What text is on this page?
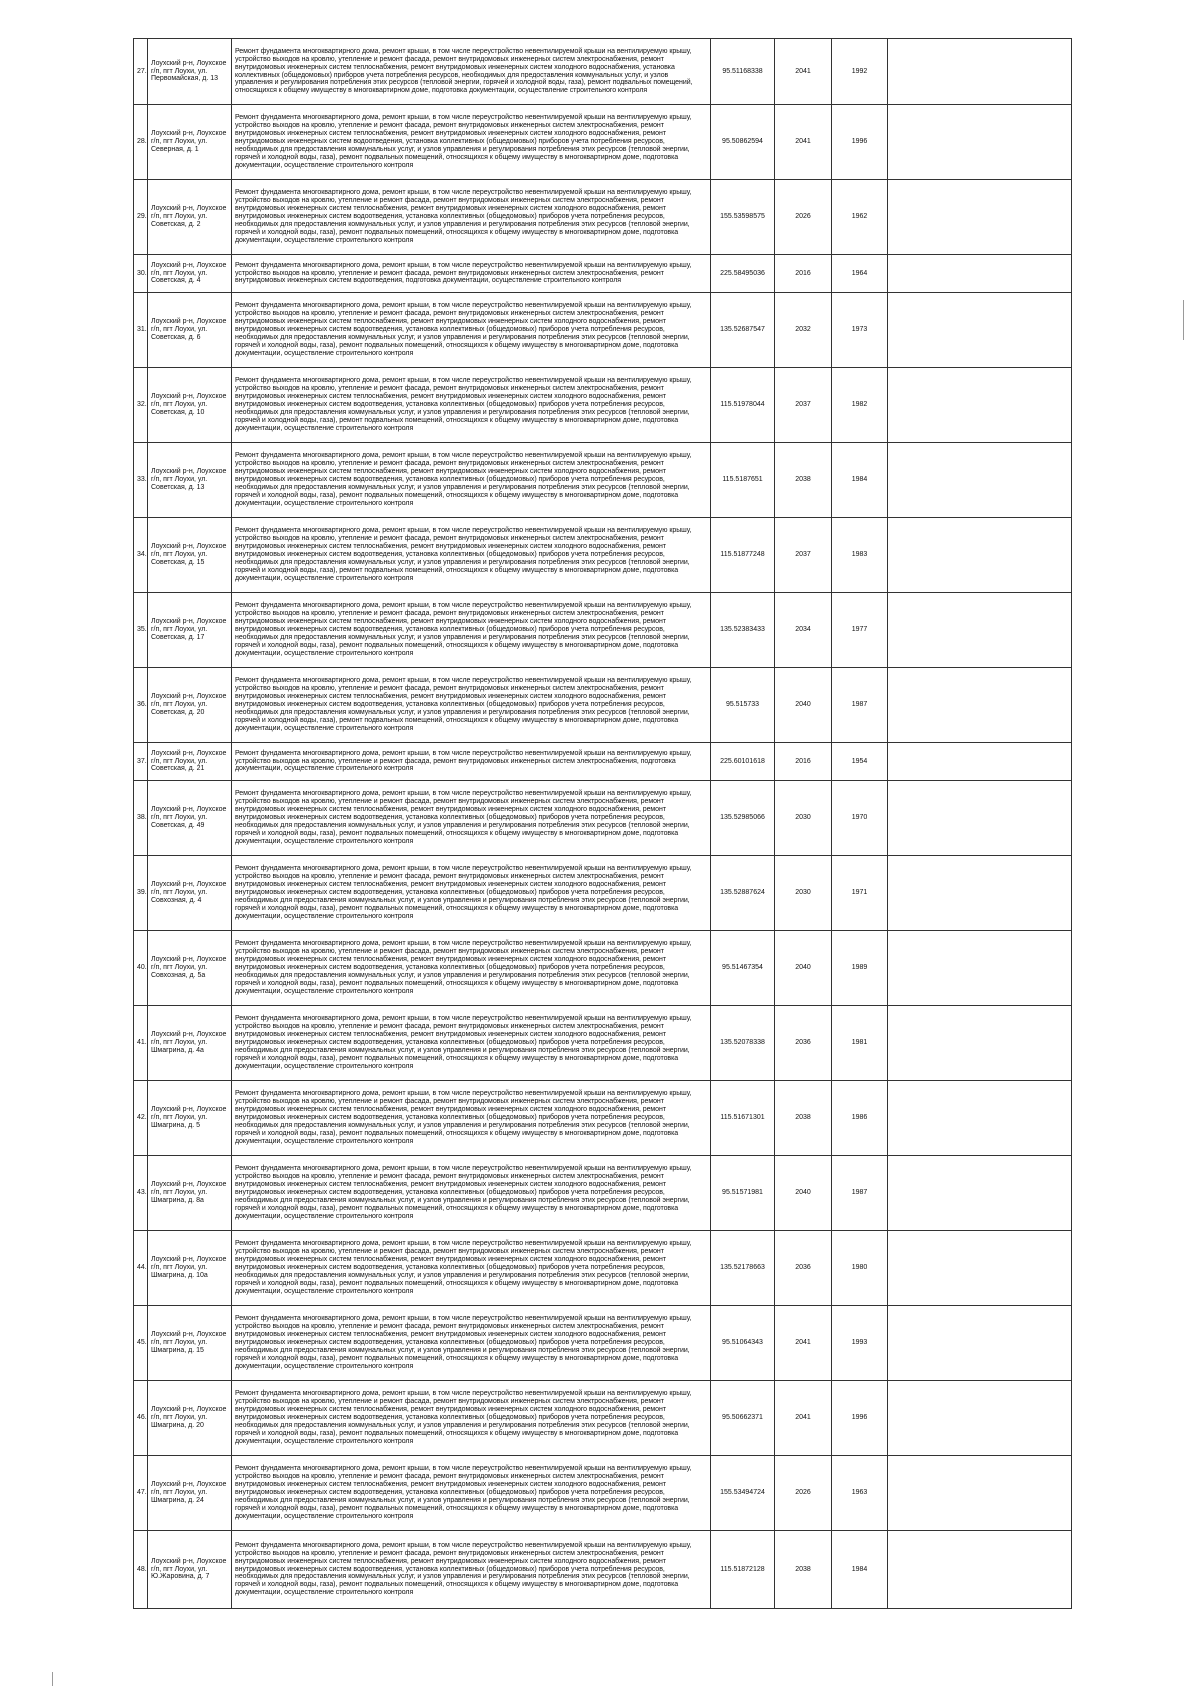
27.	Лоухский р-н, Лоухское г/п, пгт Лоухи, ул. Первомайская, д. 13	Ремонт фундамента многоквартирного дома, ремонт крыши, в том числе переустройство невентилируемой крыши на вентилируемую крышу, устройство выходов на кровлю, утепление и ремонт фасада, ремонт внутридомовых инженерных систем электроснабжения, ремонт внутридомовых инженерных систем теплоснабжения, ремонт внутридомовых инженерных систем холодного водоснабжения, установка коллективных (общедомовых) приборов учета потребления ресурсов, необходимых для предоставления коммунальных услуг, и узлов управления и регулирования потребления этих ресурсов (тепловой энергии, горячей и холодной воды, газа), ремонт подвальных помещений, относящихся к общему имуществу в многоквартирном доме, подготовка документации, осуществление строительного контроля	95.51168338	2041	1992	
28.	Лоухский р-н, Лоухское г/п, пгт Лоухи, ул. Северная, д. 1	Ремонт фундамента многоквартирного дома, ремонт крыши, в том числе переустройство невентилируемой крыши на вентилируемую крышу, устройство выходов на кровлю, утепление и ремонт фасада, ремонт внутридомовых инженерных систем электроснабжения, ремонт внутридомовых инженерных систем теплоснабжения, ремонт внутридомовых инженерных систем холодного водоснабжения, ремонт внутридомовых инженерных систем водоотведения, установка коллективных (общедомовых) приборов учета потребления ресурсов, необходимых для предоставления коммунальных услуг, и узлов управления и регулирования потребления этих ресурсов (тепловой энергии, горячей и холодной воды, газа), ремонт подвальных помещений, относящихся к общему имуществу в многоквартирном доме, подготовка документации, осуществление строительного контроля	95.50862594	2041	1996	
29.	Лоухский р-н, Лоухское г/п, пгт Лоухи, ул. Советская, д. 2	Ремонт фундамента многоквартирного дома, ремонт крыши, в том числе переустройство невентилируемой крыши на вентилируемую крышу, устройство выходов на кровлю, утепление и ремонт фасада, ремонт внутридомовых инженерных систем электроснабжения, ремонт внутридомовых инженерных систем теплоснабжения, ремонт внутридомовых инженерных систем холодного водоснабжения, ремонт внутридомовых инженерных систем водоотведения, установка коллективных (общедомовых) приборов учета потребления ресурсов, необходимых для предоставления коммунальных услуг, и узлов управления и регулирования потребления этих ресурсов (тепловой энергии, горячей и холодной воды, газа), ремонт подвальных помещений, относящихся к общему имуществу в многоквартирном доме, подготовка документации, осуществление строительного контроля	155.53598575	2026	1962	
30.	Лоухский р-н, Лоухское г/п, пгт Лоухи, ул. Советская, д. 4	Ремонт фундамента многоквартирного дома, ремонт крыши, в том числе переустройство невентилируемой крыши на вентилируемую крышу, устройство выходов на кровлю, утепление и ремонт фасада, ремонт внутридомовых инженерных систем электроснабжения, ремонт внутридомовых инженерных систем водоотведения, подготовка документации, осуществление строительного контроля	225.58495036	2016	1964	
31.	Лоухский р-н, Лоухское г/п, пгт Лоухи, ул. Советская, д. 6	Ремонт фундамента многоквартирного дома, ремонт крыши, в том числе переустройство невентилируемой крыши на вентилируемую крышу, устройство выходов на кровлю, утепление и ремонт фасада, ремонт внутридомовых инженерных систем электроснабжения, ремонт внутридомовых инженерных систем теплоснабжения, ремонт внутридомовых инженерных систем холодного водоснабжения, ремонт внутридомовых инженерных систем водоотведения, установка коллективных (общедомовых) приборов учета потребления ресурсов, необходимых для предоставления коммунальных услуг, и узлов управления и регулирования потребления этих ресурсов (тепловой энергии, горячей и холодной воды, газа), ремонт подвальных помещений, относящихся к общему имуществу в многоквартирном доме, подготовка документации, осуществление строительного контроля	135.52687547	2032	1973	
32.	Лоухский р-н, Лоухское г/п, пгт Лоухи, ул. Советская, д. 10	Ремонт фундамента многоквартирного дома, ремонт крыши, в том числе переустройство невентилируемой крыши на вентилируемую крышу, устройство выходов на кровлю, утепление и ремонт фасада, ремонт внутридомовых инженерных систем электроснабжения, ремонт внутридомовых инженерных систем теплоснабжения, ремонт внутридомовых инженерных систем холодного водоснабжения, ремонт внутридомовых инженерных систем водоотведения, установка коллективных (общедомовых) приборов учета потребления ресурсов, необходимых для предоставления коммунальных услуг, и узлов управления и регулирования потребления этих ресурсов (тепловой энергии, горячей и холодной воды, газа), ремонт подвальных помещений, относящихся к общему имуществу в многоквартирном доме, подготовка документации, осуществление строительного контроля	115.51978044	2037	1982	
33.	Лоухский р-н, Лоухское г/п, пгт Лоухи, ул. Советская, д. 13	Ремонт фундамента многоквартирного дома, ремонт крыши, в том числе переустройство невентилируемой крыши на вентилируемую крышу, устройство выходов на кровлю, утепление и ремонт фасада, ремонт внутридомовых инженерных систем электроснабжения, ремонт внутридомовых инженерных систем теплоснабжения, ремонт внутридомовых инженерных систем холодного водоснабжения, ремонт внутридомовых инженерных систем водоотведения, установка коллективных (общедомовых) приборов учета потребления ресурсов, необходимых для предоставления коммунальных услуг, и узлов управления и регулирования потребления этих ресурсов (тепловой энергии, горячей и холодной воды, газа), ремонт подвальных помещений, относящихся к общему имуществу в многоквартирном доме, подготовка документации, осуществление строительного контроля	115.5187651	2038	1984	
34.	Лоухский р-н, Лоухское г/п, пгт Лоухи, ул. Советская, д. 15	Ремонт фундамента многоквартирного дома, ремонт крыши, в том числе переустройство невентилируемой крыши на вентилируемую крышу, устройство выходов на кровлю, утепление и ремонт фасада, ремонт внутридомовых инженерных систем электроснабжения, ремонт внутридомовых инженерных систем теплоснабжения, ремонт внутридомовых инженерных систем холодного водоснабжения, ремонт внутридомовых инженерных систем водоотведения, установка коллективных (общедомовых) приборов учета потребления ресурсов, необходимых для предоставления коммунальных услуг, и узлов управления и регулирования потребления этих ресурсов (тепловой энергии, горячей и холодной воды, газа), ремонт подвальных помещений, относящихся к общему имуществу в многоквартирном доме, подготовка документации, осуществление строительного контроля	115.51877248	2037	1983	
35.	Лоухский р-н, Лоухское г/п, пгт Лоухи, ул. Советская, д. 17	Ремонт фундамента многоквартирного дома, ремонт крыши, в том числе переустройство невентилируемой крыши на вентилируемую крышу, устройство выходов на кровлю, утепление и ремонт фасада, ремонт внутридомовых инженерных систем электроснабжения, ремонт внутридомовых инженерных систем теплоснабжения, ремонт внутридомовых инженерных систем холодного водоснабжения, ремонт внутридомовых инженерных систем водоотведения, установка коллективных (общедомовых) приборов учета потребления ресурсов, необходимых для предоставления коммунальных услуг, и узлов управления и регулирования потребления этих ресурсов (тепловой энергии, горячей и холодной воды, газа), ремонт подвальных помещений, относящихся к общему имуществу в многоквартирном доме, подготовка документации, осуществление строительного контроля	135.52383433	2034	1977	
36.	Лоухский р-н, Лоухское г/п, пгт Лоухи, ул. Советская, д. 20	Ремонт фундамента многоквартирного дома, ремонт крыши, в том числе переустройство невентилируемой крыши на вентилируемую крышу, устройство выходов на кровлю, утепление и ремонт фасада, ремонт внутридомовых инженерных систем электроснабжения, ремонт внутридомовых инженерных систем теплоснабжения, ремонт внутридомовых инженерных систем холодного водоснабжения, ремонт внутридомовых инженерных систем водоотведения, установка коллективных (общедомовых) приборов учета потребления ресурсов, необходимых для предоставления коммунальных услуг, и узлов управления и регулирования потребления этих ресурсов (тепловой энергии, горячей и холодной воды, газа), ремонт подвальных помещений, относящихся к общему имуществу в многоквартирном доме, подготовка документации, осуществление строительного контроля	95.515733	2040	1987	
37.	Лоухский р-н, Лоухское г/п, пгт Лоухи, ул. Советская, д. 21	Ремонт фундамента многоквартирного дома, ремонт крыши, в том числе переустройство невентилируемой крыши на вентилируемую крышу, устройство выходов на кровлю, утепление и ремонт фасада, ремонт внутридомовых инженерных систем электроснабжения, подготовка документации, осуществление строительного контроля	225.60101618	2016	1954	
38.	Лоухский р-н, Лоухское г/п, пгт Лоухи, ул. Советская, д. 49	Ремонт фундамента многоквартирного дома, ремонт крыши, в том числе переустройство невентилируемой крыши на вентилируемую крышу, устройство выходов на кровлю, утепление и ремонт фасада, ремонт внутридомовых инженерных систем электроснабжения, ремонт внутридомовых инженерных систем теплоснабжения, ремонт внутридомовых инженерных систем холодного водоснабжения, ремонт внутридомовых инженерных систем водоотведения, установка коллективных (общедомовых) приборов учета потребления ресурсов, необходимых для предоставления коммунальных услуг, и узлов управления и регулирования потребления этих ресурсов (тепловой энергии, горячей и холодной воды, газа), ремонт подвальных помещений, относящихся к общему имуществу в многоквартирном доме, подготовка документации, осуществление строительного контроля	135.52985066	2030	1970	
39.	Лоухский р-н, Лоухское г/п, пгт Лоухи, ул. Совхозная, д. 4	Ремонт фундамента многоквартирного дома, ремонт крыши, в том числе переустройство невентилируемой крыши на вентилируемую крышу, устройство выходов на кровлю, утепление и ремонт фасада, ремонт внутридомовых инженерных систем электроснабжения, ремонт внутридомовых инженерных систем теплоснабжения, ремонт внутридомовых инженерных систем холодного водоснабжения, ремонт внутридомовых инженерных систем водоотведения, установка коллективных (общедомовых) приборов учета потребления ресурсов, необходимых для предоставления коммунальных услуг, и узлов управления и регулирования потребления этих ресурсов (тепловой энергии, горячей и холодной воды, газа), ремонт подвальных помещений, относящихся к общему имуществу в многоквартирном доме, подготовка документации, осуществление строительного контроля	135.52887624	2030	1971	
40.	Лоухский р-н, Лоухское г/п, пгт Лоухи, ул. Совхозная, д. 5а	Ремонт фундамента многоквартирного дома, ремонт крыши, в том числе переустройство невентилируемой крыши на вентилируемую крышу, устройство выходов на кровлю, утепление и ремонт фасада, ремонт внутридомовых инженерных систем электроснабжения, ремонт внутридомовых инженерных систем теплоснабжения, ремонт внутридомовых инженерных систем холодного водоснабжения, ремонт внутридомовых инженерных систем водоотведения, установка коллективных (общедомовых) приборов учета потребления ресурсов, необходимых для предоставления коммунальных услуг, и узлов управления и регулирования потребления этих ресурсов (тепловой энергии, горячей и холодной воды, газа), ремонт подвальных помещений, относящихся к общему имуществу в многоквартирном доме, подготовка документации, осуществление строительного контроля	95.51467354	2040	1989	
41.	Лоухский р-н, Лоухское г/п, пгт Лоухи, ул. Шмагрина, д. 4а	Ремонт фундамента многоквартирного дома, ремонт крыши, в том числе переустройство невентилируемой крыши на вентилируемую крышу, устройство выходов на кровлю, утепление и ремонт фасада, ремонт внутридомовых инженерных систем электроснабжения, ремонт внутридомовых инженерных систем теплоснабжения, ремонт внутридомовых инженерных систем холодного водоснабжения, ремонт внутридомовых инженерных систем водоотведения, установка коллективных (общедомовых) приборов учета потребления ресурсов, необходимых для предоставления коммунальных услуг, и узлов управления и регулирования потребления этих ресурсов (тепловой энергии, горячей и холодной воды, газа), ремонт подвальных помещений, относящихся к общему имуществу в многоквартирном доме, подготовка документации, осуществление строительного контроля	135.52078338	2036	1981	
42.	Лоухский р-н, Лоухское г/п, пгт Лоухи, ул. Шмагрина, д. 5	Ремонт фундамента многоквартирного дома, ремонт крыши, в том числе переустройство невентилируемой крыши на вентилируемую крышу, устройство выходов на кровлю, утепление и ремонт фасада, ремонт внутридомовых инженерных систем электроснабжения, ремонт внутридомовых инженерных систем теплоснабжения, ремонт внутридомовых инженерных систем холодного водоснабжения, ремонт внутридомовых инженерных систем водоотведения, установка коллективных (общедомовых) приборов учета потребления ресурсов, необходимых для предоставления коммунальных услуг, и узлов управления и регулирования потребления этих ресурсов (тепловой энергии, горячей и холодной воды, газа), ремонт подвальных помещений, относящихся к общему имуществу в многоквартирном доме, подготовка документации, осуществление строительного контроля	115.51671301	2038	1986	
43.	Лоухский р-н, Лоухское г/п, пгт Лоухи, ул. Шмагрина, д. 8а	Ремонт фундамента многоквартирного дома, ремонт крыши, в том числе переустройство невентилируемой крыши на вентилируемую крышу, устройство выходов на кровлю, утепление и ремонт фасада, ремонт внутридомовых инженерных систем электроснабжения, ремонт внутридомовых инженерных систем теплоснабжения, ремонт внутридомовых инженерных систем холодного водоснабжения, ремонт внутридомовых инженерных систем водоотведения, установка коллективных (общедомовых) приборов учета потребления ресурсов, необходимых для предоставления коммунальных услуг, и узлов управления и регулирования потребления этих ресурсов (тепловой энергии, горячей и холодной воды, газа), ремонт подвальных помещений, относящихся к общему имуществу в многоквартирном доме, подготовка документации, осуществление строительного контроля	95.51571981	2040	1987	
44.	Лоухский р-н, Лоухское г/п, пгт Лоухи, ул. Шмагрина, д. 10а	Ремонт фундамента многоквартирного дома, ремонт крыши, в том числе переустройство невентилируемой крыши на вентилируемую крышу, устройство выходов на кровлю, утепление и ремонт фасада, ремонт внутридомовых инженерных систем электроснабжения, ремонт внутридомовых инженерных систем теплоснабжения, ремонт внутридомовых инженерных систем холодного водоснабжения, ремонт внутридомовых инженерных систем водоотведения, установка коллективных (общедомовых) приборов учета потребления ресурсов, необходимых для предоставления коммунальных услуг, и узлов управления и регулирования потребления этих ресурсов (тепловой энергии, горячей и холодной воды, газа), ремонт подвальных помещений, относящихся к общему имуществу в многоквартирном доме, подготовка документации, осуществление строительного контроля	135.52178663	2036	1980	
45.	Лоухский р-н, Лоухское г/п, пгт Лоухи, ул. Шмагрина, д. 15	Ремонт фундамента многоквартирного дома, ремонт крыши, в том числе переустройство невентилируемой крыши на вентилируемую крышу, устройство выходов на кровлю, утепление и ремонт фасада, ремонт внутридомовых инженерных систем электроснабжения, ремонт внутридомовых инженерных систем теплоснабжения, ремонт внутридомовых инженерных систем холодного водоснабжения, ремонт внутридомовых инженерных систем водоотведения, установка коллективных (общедомовых) приборов учета потребления ресурсов, необходимых для предоставления коммунальных услуг, и узлов управления и регулирования потребления этих ресурсов (тепловой энергии, горячей и холодной воды, газа), ремонт подвальных помещений, относящихся к общему имуществу в многоквартирном доме, подготовка документации, осуществление строительного контроля	95.51064343	2041	1993	
46.	Лоухский р-н, Лоухское г/п, пгт Лоухи, ул. Шмагрина, д. 20	Ремонт фундамента многоквартирного дома, ремонт крыши, в том числе переустройство невентилируемой крыши на вентилируемую крышу, устройство выходов на кровлю, утепление и ремонт фасада, ремонт внутридомовых инженерных систем электроснабжения, ремонт внутридомовых инженерных систем теплоснабжения, ремонт внутридомовых инженерных систем холодного водоснабжения, ремонт внутридомовых инженерных систем водоотведения, установка коллективных (общедомовых) приборов учета потребления ресурсов, необходимых для предоставления коммунальных услуг, и узлов управления и регулирования потребления этих ресурсов (тепловой энергии, горячей и холодной воды, газа), ремонт подвальных помещений, относящихся к общему имуществу в многоквартирном доме, подготовка документации, осуществление строительного контроля	95.50662371	2041	1996	
47.	Лоухский р-н, Лоухское г/п, пгт Лоухи, ул. Шмагрина, д. 24	Ремонт фундамента многоквартирного дома, ремонт крыши, в том числе переустройство невентилируемой крыши на вентилируемую крышу, устройство выходов на кровлю, утепление и ремонт фасада, ремонт внутридомовых инженерных систем электроснабжения, ремонт внутридомовых инженерных систем теплоснабжения, ремонт внутридомовых инженерных систем холодного водоснабжения, ремонт внутридомовых инженерных систем водоотведения, установка коллективных (общедомовых) приборов учета потребления ресурсов, необходимых для предоставления коммунальных услуг, и узлов управления и регулирования потребления этих ресурсов (тепловой энергии, горячей и холодной воды, газа), ремонт подвальных помещений, относящихся к общему имуществу в многоквартирном доме, подготовка документации, осуществление строительного контроля	155.53494724	2026	1963	
48.	Лоухский р-н, Лоухское г/п, пгт Лоухи, ул. Ю.Жаровина, д. 7	Ремонт фундамента многоквартирного дома, ремонт крыши, в том числе переустройство невентилируемой крыши на вентилируемую крышу, устройство выходов на кровлю, утепление и ремонт фасада, ремонт внутридомовых инженерных систем электроснабжения, ремонт внутридомовых инженерных систем теплоснабжения, ремонт внутридомовых инженерных систем холодного водоснабжения, ремонт внутридомовых инженерных систем водоотведения, установка коллективных (общедомовых) приборов учета потребления ресурсов, необходимых для предоставления коммунальных услуг, и узлов управления и регулирования потребления этих ресурсов (тепловой энергии, горячей и холодной воды, газа), ремонт подвальных помещений, относящихся к общему имуществу в многоквартирном доме, подготовка документации, осуществление строительного контроля	115.51872128	2038	1984	
